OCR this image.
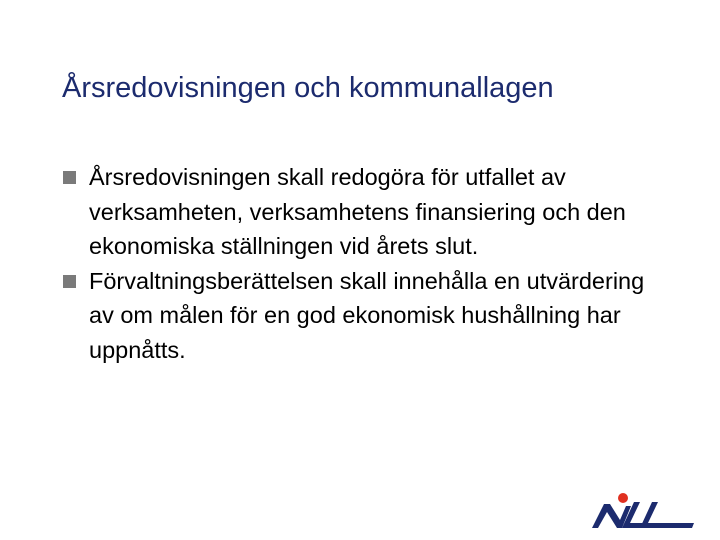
Årsredovisningen och kommunallagen
Årsredovisningen skall redogöra för utfallet av verksamheten, verksamhetens finansiering och den ekonomiska ställningen vid årets slut.
Förvaltningsberättelsen skall innehålla en utvärdering av om målen för en god ekonomisk hushållning har uppnåtts.
